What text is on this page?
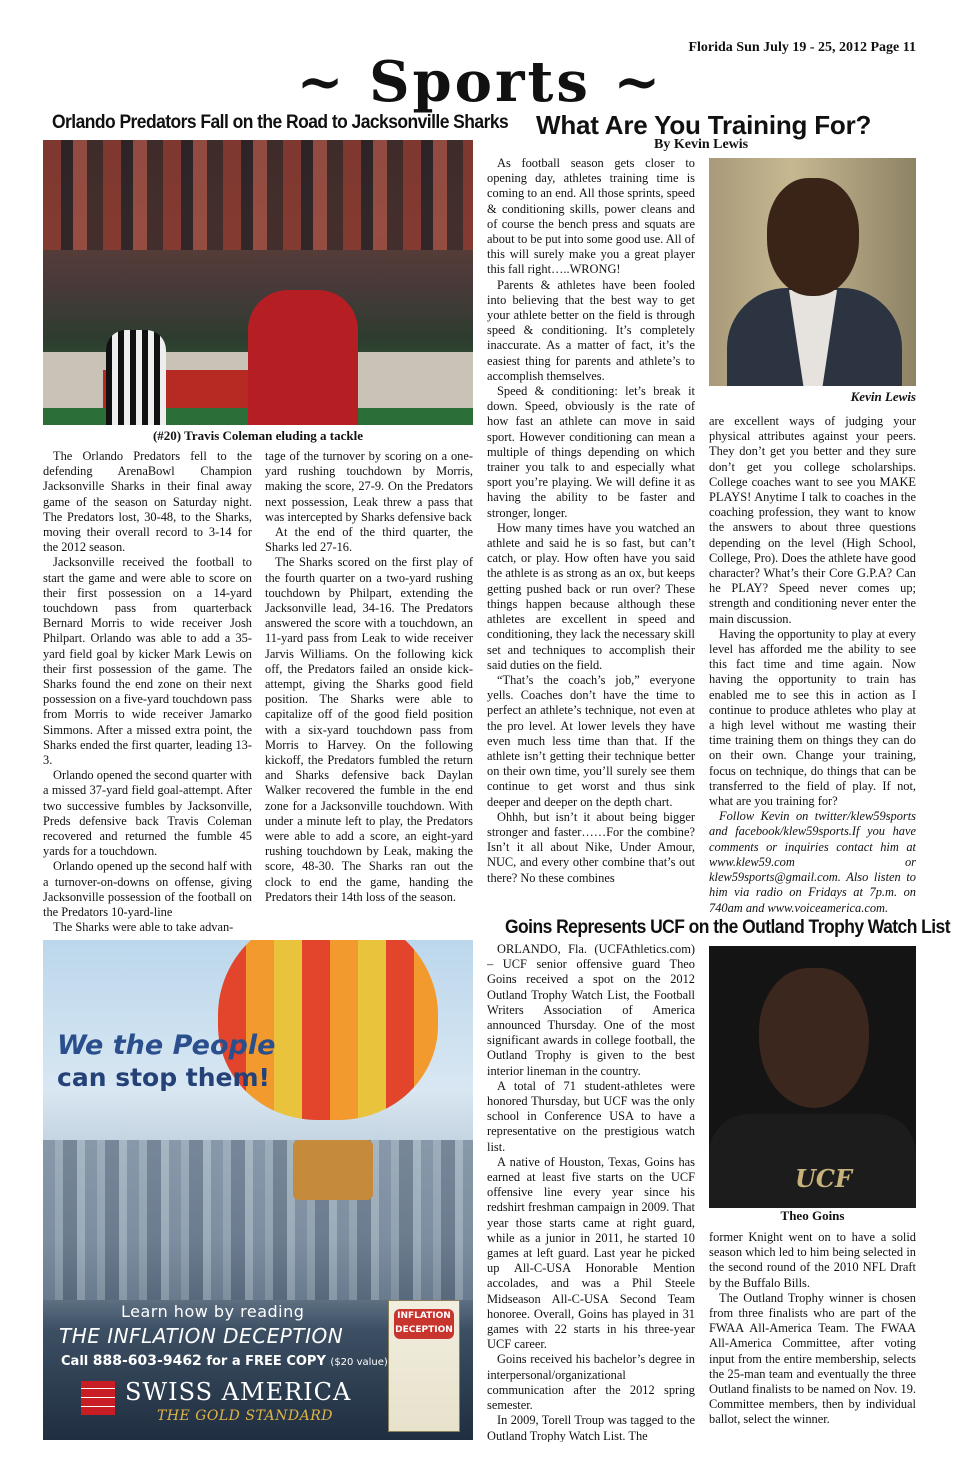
Florida Sun July 19 - 25, 2012 Page 11
~ Sports ~
Orlando Predators Fall on the Road to Jacksonville Sharks
(#20) Travis Coleman eluding a tackle

The Orlando Predators fell to the defending ArenaBowl Champion Jacksonville Sharks in their final away game of the season on Saturday night. The Predators lost, 30-48, to the Sharks, moving their overall record to 3-14 for the 2012 season.

Jacksonville received the football to start the game and were able to score on their first possession on a 14-yard touchdown pass from quarterback Bernard Morris to wide receiver Josh Philpart. Orlando was able to add a 35-yard field goal by kicker Mark Lewis on their first possession of the game. The Sharks found the end zone on their next possession on a five-yard touchdown pass from Morris to wide receiver Jamarko Simmons. After a missed extra point, the Sharks ended the first quarter, leading 13-3.

Orlando opened the second quarter with a missed 37-yard field goal-attempt. After two successive fumbles by Jacksonville, Preds defensive back Travis Coleman recovered and returned the fumble 45 yards for a touchdown.

Orlando opened up the second half with a turnover-on-downs on offense, giving Jacksonville possession of the football on the Predators 10-yard-line

The Sharks were able to take advan-

tage of the turnover by scoring on a one-yard rushing touchdown by Morris, making the score, 27-9. On the Predators next possession, Leak threw a pass that was intercepted by Sharks defensive back

At the end of the third quarter, the Sharks led 27-16.

The Sharks scored on the first play of the fourth quarter on a two-yard rushing touchdown by Philpart, extending the Jacksonville lead, 34-16. The Predators answered the score with a touchdown, an 11-yard pass from Leak to wide receiver Jarvis Williams. On the following kick off, the Predators failed an onside kick-attempt, giving the Sharks good field position. The Sharks were able to capitalize off of the good field position with a six-yard touchdown pass from Morris to Harvey. On the following kickoff, the Predators fumbled the return and Sharks defensive back Daylan Walker recovered the fumble in the end zone for a Jacksonville touchdown. With under a minute left to play, the Predators were able to add a score, an eight-yard rushing touchdown by Leak, making the score, 48-30. The Sharks ran out the clock to end the game, handing the Predators their 14th loss of the season.

We the People
can stop them!
Learn how by reading
THE INFLATION DECEPTION
Call 888-603-9462 for a FREE COPY ($20 value)
SWISS AMERICA
THE GOLD STANDARD
INFLATION DECEPTION
What Are You Training For?
By Kevin Lewis

As football season gets closer to opening day, athletes training time is coming to an end. All those sprints, speed & conditioning skills, power cleans and of course the bench press and squats are about to be put into some good use. All of this will surely make you a great player this fall right…..WRONG!

Parents & athletes have been fooled into believing that the best way to get your athlete better on the field is through speed & conditioning. It’s completely inaccurate. As a matter of fact, it’s the easiest thing for parents and athlete’s to accomplish themselves.

Speed & conditioning: let’s break it down. Speed, obviously is the rate of how fast an athlete can move in said sport. However conditioning can mean a multiple of things depending on which trainer you talk to and especially what sport you’re playing. We will define it as having the ability to be faster and stronger, longer.

How many times have you watched an athlete and said he is so fast, but can’t catch, or play. How often have you said the athlete is as strong as an ox, but keeps getting pushed back or run over? These things happen because although these athletes are excellent in speed and conditioning, they lack the necessary skill set and techniques to accomplish their said duties on the field.

“That’s the coach’s job,” everyone yells. Coaches don’t have the time to perfect an athlete’s technique, not even at the pro level. At lower levels they have even much less time than that. If the athlete isn’t getting their technique better on their own time, you’ll surely see them continue to get worst and thus sink deeper and deeper on the depth chart.

Ohhh, but isn’t it about being bigger stronger and faster……For the combine? Isn’t it all about Nike, Under Amour, NUC, and every other combine that’s out there? No these combines

Kevin Lewis

are excellent ways of judging your physical attributes against your peers. They don’t get you better and they sure don’t get you college scholarships. College coaches want to see you MAKE PLAYS! Anytime I talk to coaches in the coaching profession, they want to know the answers to about three questions depending on the level (High School, College, Pro). Does the athlete have good character? What’s their Core G.P.A? Can he PLAY? Speed never comes up; strength and conditioning never enter the main discussion.

Having the opportunity to play at every level has afforded me the ability to see this fact time and time again. Now having the opportunity to train has enabled me to see this in action as I continue to produce athletes who play at a high level without me wasting their time training them on things they can do on their own. Change your training, focus on technique, do things that can be transferred to the field of play. If not, what are you training for?

Follow Kevin on twitter/klew59sports and facebook/klew59sports.If you have comments or inquiries contact him at www.klew59.com or klew59sports@gmail.com. Also listen to him via radio on Fridays at 7p.m. on 740am and www.voiceamerica.com.

Goins Represents UCF on the Outland Trophy Watch List

ORLANDO, Fla. (UCFAthletics.com) – UCF senior offensive guard Theo Goins received a spot on the 2012 Outland Trophy Watch List, the Football Writers Association of America announced Thursday. One of the most significant awards in college football, the Outland Trophy is given to the best interior lineman in the country.

A total of 71 student-athletes were honored Thursday, but UCF was the only school in Conference USA to have a representative on the prestigious watch list.

A native of Houston, Texas, Goins has earned at least five starts on the UCF offensive line every year since his redshirt freshman campaign in 2009. That year those starts came at right guard, while as a junior in 2011, he started 10 games at left guard. Last year he picked up All-C-USA Honorable Mention accolades, and was a Phil Steele Midseason All-C-USA Second Team honoree. Overall, Goins has played in 31 games with 22 starts in his three-year UCF career.

Goins received his bachelor’s degree in interpersonal/organizational communication after the 2012 spring semester.

In 2009, Torell Troup was tagged to the Outland Trophy Watch List. The

UCF
Theo Goins

former Knight went on to have a solid season which led to him being selected in the second round of the 2010 NFL Draft by the Buffalo Bills.

The Outland Trophy winner is chosen from three finalists who are part of the FWAA All-America Team. The FWAA All-America Committee, after voting input from the entire membership, selects the 25-man team and eventually the three Outland finalists to be named on Nov. 19. Committee members, then by individual ballot, select the winner.
